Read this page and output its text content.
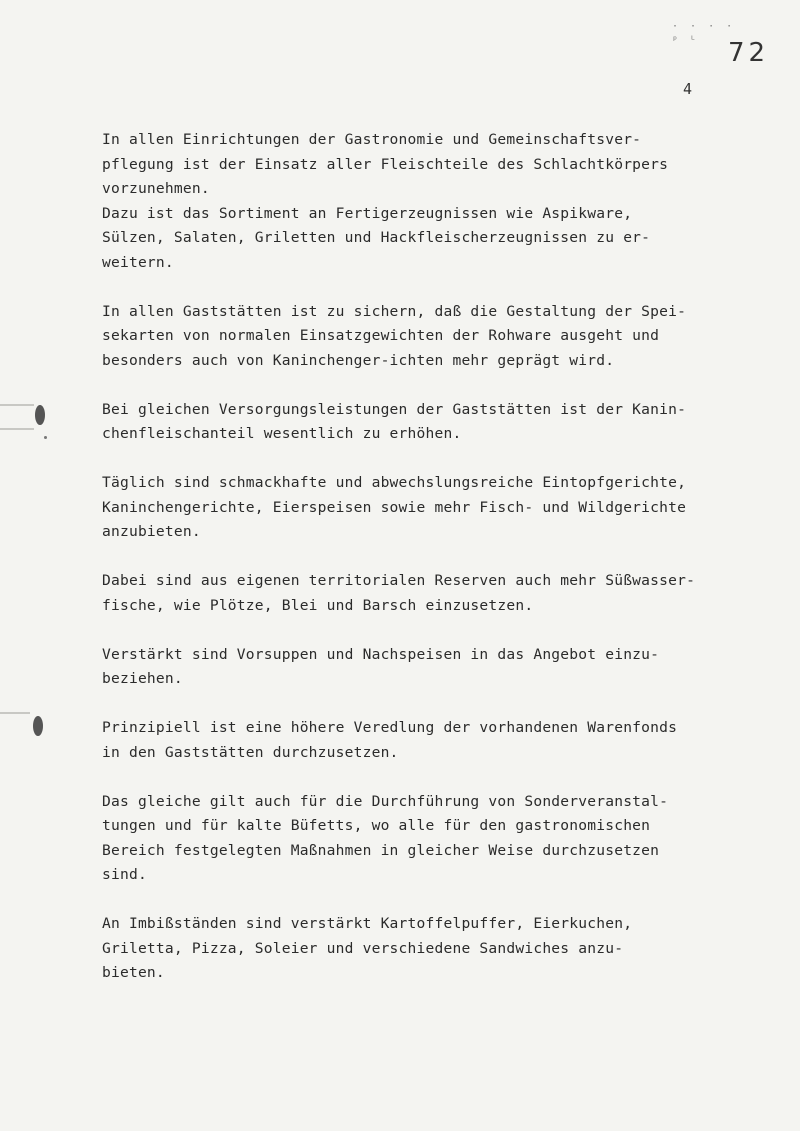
· · · ·
ᵖ ᴸ	72
4
In allen Einrichtungen der Gastronomie und Gemeinschaftsver-
pflegung ist der Einsatz aller Fleischteile des Schlachtkörpers
vorzunehmen.
Dazu ist das Sortiment an Fertigerzeugnissen wie Aspikware,
Sülzen, Salaten, Griletten und Hackfleischerzeugnissen zu er-
weitern.
In allen Gaststätten ist zu sichern, daß die Gestaltung der Spei-
sekarten von normalen Einsatzgewichten der Rohware ausgeht und
besonders auch von Kaninchenger-ichten mehr geprägt wird.
Bei gleichen Versorgungsleistungen der Gaststätten ist der Kanin-
chenfleischanteil wesentlich zu erhöhen.
Täglich sind schmackhafte und abwechslungsreiche Eintopfgerichte,
Kaninchengerichte, Eierspeisen sowie mehr Fisch- und Wildgerichte
anzubieten.
Dabei sind aus eigenen territorialen Reserven auch mehr Süßwasser-
fische, wie Plötze, Blei und Barsch einzusetzen.
Verstärkt sind Vorsuppen und Nachspeisen in das Angebot einzu-
beziehen.
Prinzipiell ist eine höhere Veredlung der vorhandenen Warenfonds
in den Gaststätten durchzusetzen.
Das gleiche gilt auch für die Durchführung von Sonderveranstal-
tungen und für kalte Büfetts, wo alle für den gastronomischen
Bereich festgelegten Maßnahmen in gleicher Weise durchzusetzen
sind.
An Imbißständen sind verstärkt Kartoffelpuffer, Eierkuchen,
Griletta, Pizza, Soleier und verschiedene Sandwiches anzu-
bieten.
